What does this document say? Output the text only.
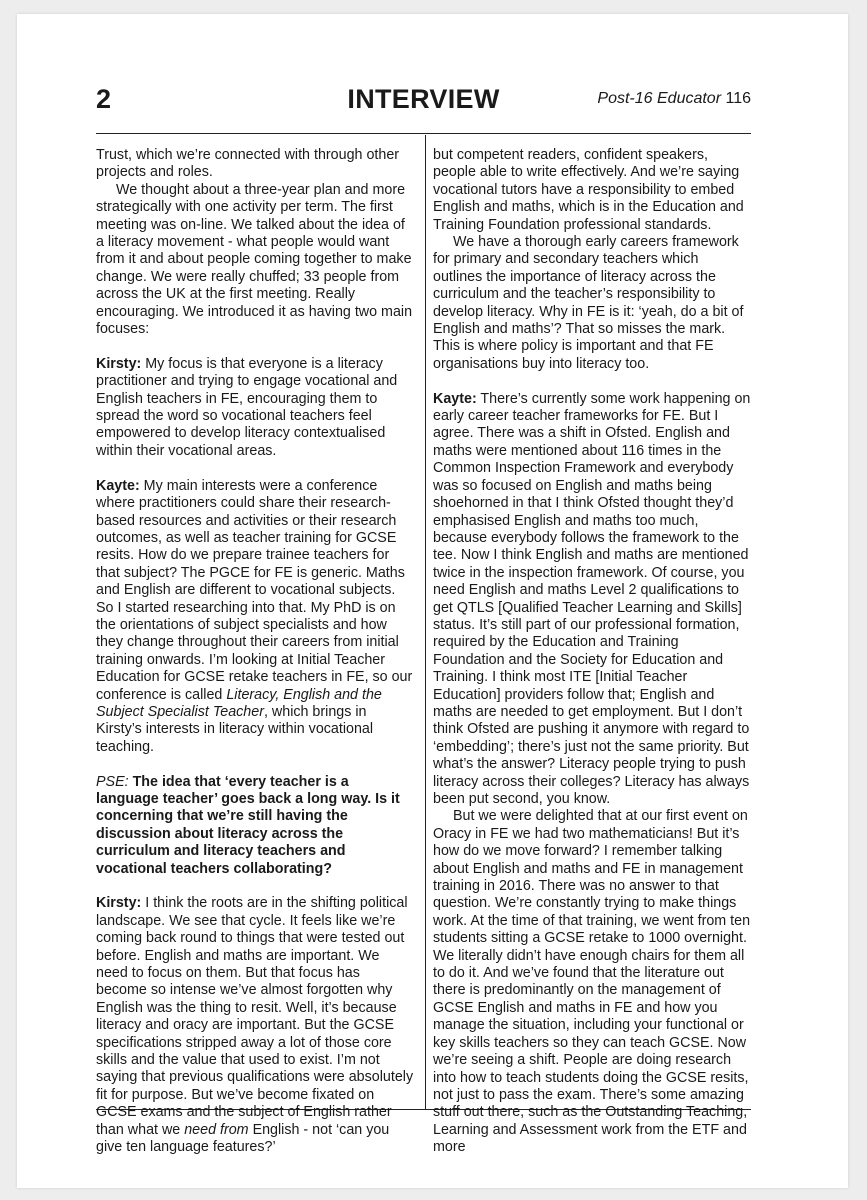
2	INTERVIEW	Post-16 Educator 116

Trust, which we’re connected with through other projects and roles.

We thought about a three-year plan and more strategically with one activity per term. The first meeting was on-line. We talked about the idea of a literacy movement - what people would want from it and about people coming together to make change. We were really chuffed; 33 people from across the UK at the first meeting. Really encouraging. We introduced it as having two main focuses:

Kirsty: My focus is that everyone is a literacy practitioner and trying to engage vocational and English teachers in FE, encouraging them to spread the word so vocational teachers feel empowered to develop literacy contextualised within their vocational areas.

Kayte: My main interests were a conference where practitioners could share their research-based resources and activities or their research outcomes, as well as teacher training for GCSE resits. How do we prepare trainee teachers for that subject? The PGCE for FE is generic. Maths and English are different to vocational subjects. So I started researching into that. My PhD is on the orientations of subject specialists and how they change throughout their careers from initial training onwards. I’m looking at Initial Teacher Education for GCSE retake teachers in FE, so our conference is called Literacy, English and the Subject Specialist Teacher, which brings in Kirsty’s interests in literacy within vocational teaching.

PSE: The idea that ‘every teacher is a language teacher’ goes back a long way. Is it concerning that we’re still having the discussion about literacy across the curriculum and literacy teachers and vocational teachers collaborating?

Kirsty: I think the roots are in the shifting political landscape. We see that cycle. It feels like we’re coming back round to things that were tested out before. English and maths are important. We need to focus on them. But that focus has become so intense we’ve almost forgotten why English was the thing to resit. Well, it’s because literacy and oracy are important. But the GCSE specifications stripped away a lot of those core skills and the value that used to exist. I’m not saying that previous qualifications were absolutely fit for purpose. But we’ve become fixated on GCSE exams and the subject of English rather than what we need from English - not ‘can you give ten language features?’

but competent readers, confident speakers, people able to write effectively. And we’re saying vocational tutors have a responsibility to embed English and maths, which is in the Education and Training Foundation professional standards.

We have a thorough early careers framework for primary and secondary teachers which outlines the importance of literacy across the curriculum and the teacher’s responsibility to develop literacy. Why in FE is it: ‘yeah, do a bit of English and maths’? That so misses the mark. This is where policy is important and that FE organisations buy into literacy too.

Kayte: There’s currently some work happening on early career teacher frameworks for FE. But I agree. There was a shift in Ofsted. English and maths were mentioned about 116 times in the Common Inspection Framework and everybody was so focused on English and maths being shoehorned in that I think Ofsted thought they’d emphasised English and maths too much, because everybody follows the framework to the tee. Now I think English and maths are mentioned twice in the inspection framework. Of course, you need English and maths Level 2 qualifications to get QTLS [Qualified Teacher Learning and Skills] status. It’s still part of our professional formation, required by the Education and Training Foundation and the Society for Education and Training. I think most ITE [Initial Teacher Education] providers follow that; English and maths are needed to get employment. But I don’t think Ofsted are pushing it anymore with regard to ‘embedding’; there’s just not the same priority. But what’s the answer? Literacy people trying to push literacy across their colleges? Literacy has always been put second, you know.

But we were delighted that at our first event on Oracy in FE we had two mathematicians! But it’s how do we move forward? I remember talking about English and maths and FE in management training in 2016. There was no answer to that question. We’re constantly trying to make things work. At the time of that training, we went from ten students sitting a GCSE retake to 1000 overnight. We literally didn’t have enough chairs for them all to do it. And we’ve found that the literature out there is predominantly on the management of GCSE English and maths in FE and how you manage the situation, including your functional or key skills teachers so they can teach GCSE. Now we’re seeing a shift. People are doing research into how to teach students doing the GCSE resits, not just to pass the exam. There’s some amazing stuff out there, such as the Outstanding Teaching, Learning and Assessment work from the ETF and more
